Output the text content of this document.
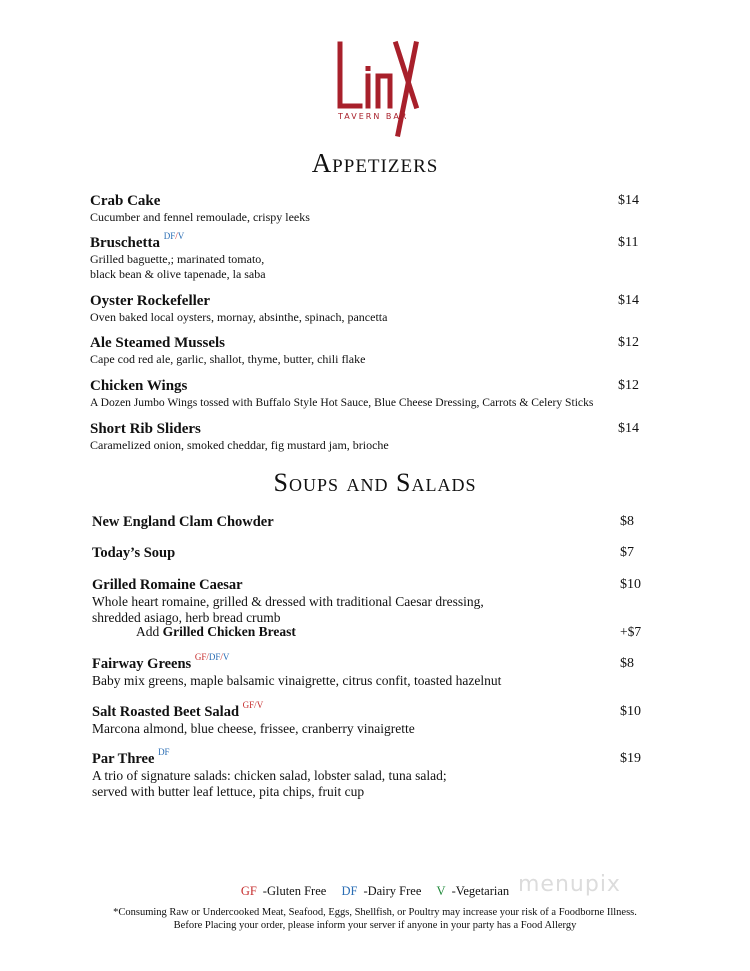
TAVERN BAR
Appetizers
Crab Cake
Cucumber and fennel remoulade, crispy leeks
$14
Bruschetta $^{DF/V}$
Grilled baguette,; marinated tomato,
black bean & olive tapenade, la saba
$11
Oyster Rockefeller
Oven baked local oysters, mornay, absinthe, spinach, pancetta
$14
Ale Steamed Mussels
Cape cod red ale, garlic, shallot, thyme, butter, chili flake
$12
Chicken Wings
A Dozen Jumbo Wings tossed with Buffalo Style Hot Sauce, Blue Cheese Dressing, Carrots & Celery Sticks
$12
Short Rib Sliders
Caramelized onion, smoked cheddar, fig mustard jam, brioche
$14
Soups and Salads
New England Clam Chowder	$8
Today’s Soup	$7
Grilled Romaine Caesar
Whole heart romaine, grilled & dressed with traditional Caesar dressing,
shredded asiago, herb bread crumb
$10
Add Grilled Chicken Breast	+$7
Fairway Greens $^{GF/DF/V}$
Baby mix greens, maple balsamic vinaigrette, citrus confit, toasted hazelnut
$8
Salt Roasted Beet Salad $^{GF/V}$
Marcona almond, blue cheese, frissee, cranberry vinaigrette
$10
Par Three $^{DF}$
A trio of signature salads: chicken salad, lobster salad, tuna salad;
served with butter leaf lettuce, pita chips, fruit cup
$19
GF -Gluten Free DF -Dairy Free V -Vegetarian
*Consuming Raw or Undercooked Meat, Seafood, Eggs, Shellfish, or Poultry may increase your risk of a Foodborne Illness.
Before Placing your order, please inform your server if anyone in your party has a Food Allergy
menupix
